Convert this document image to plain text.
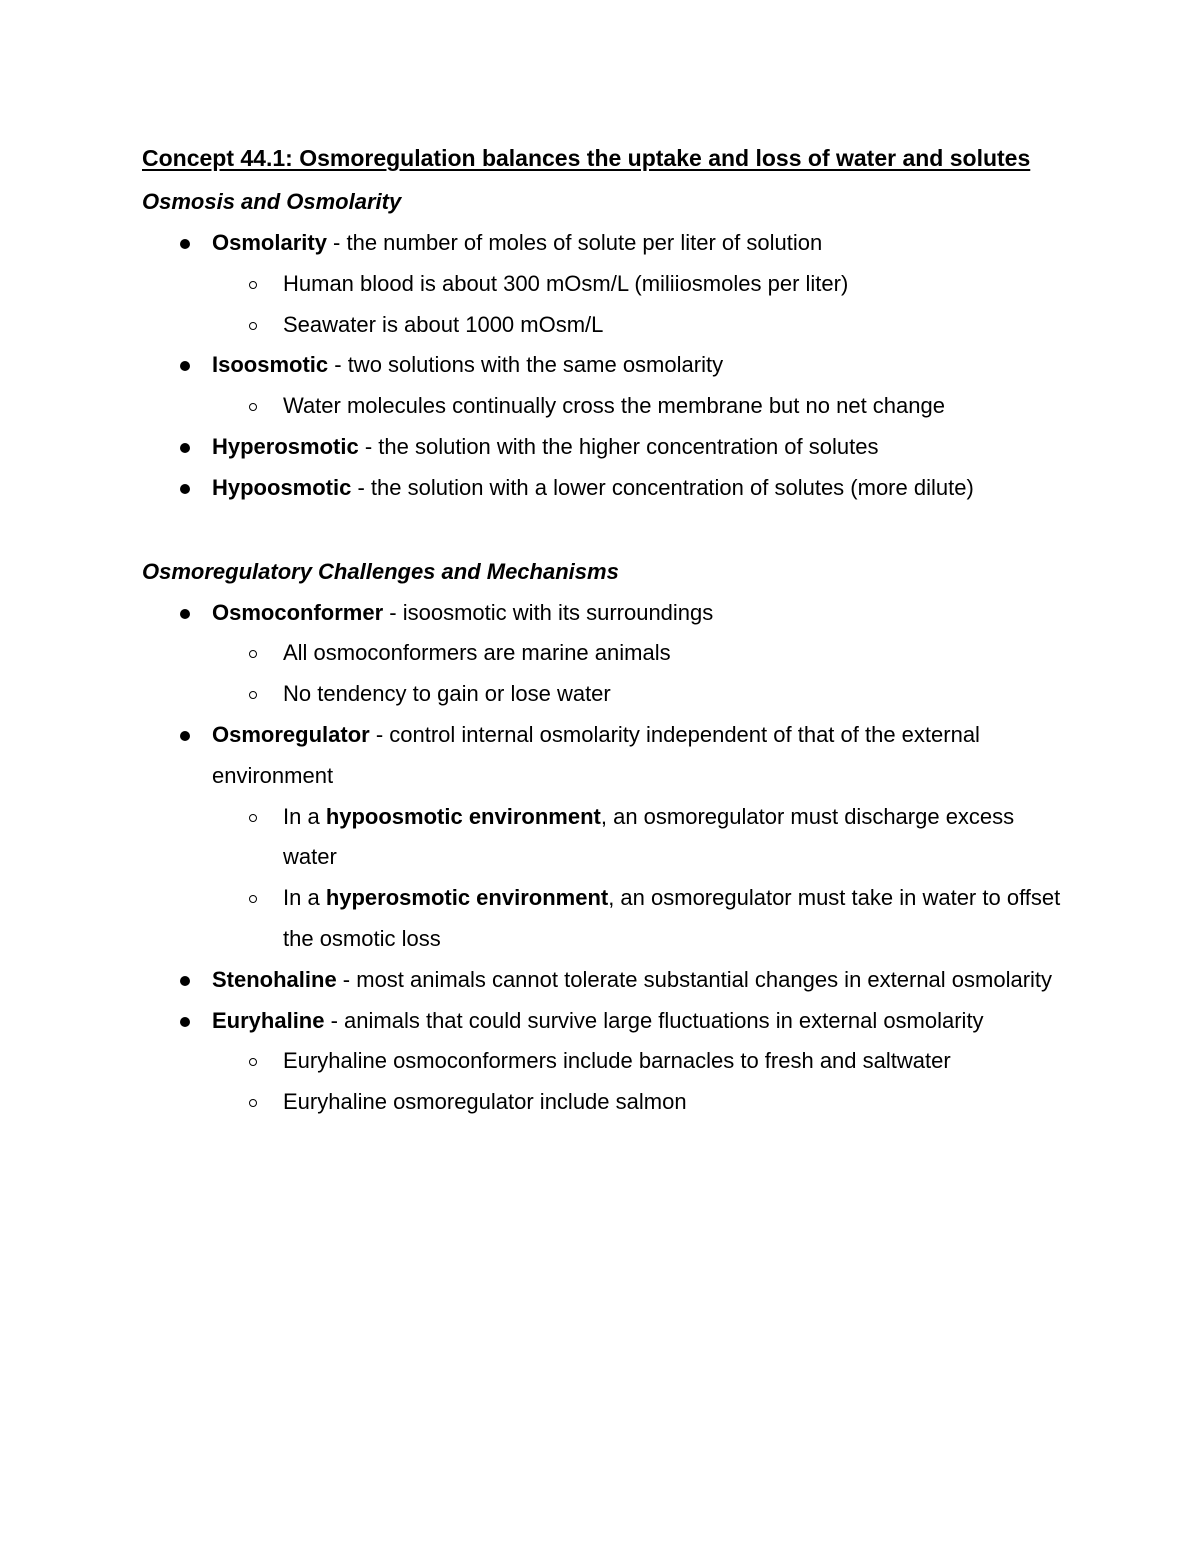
Concept 44.1: Osmoregulation balances the uptake and loss of water and solutes

Osmosis and Osmolarity

Osmolarity - the number of moles of solute per liter of solution
Human blood is about 300 mOsm/L (miliiosmoles per liter)
Seawater is about 1000 mOsm/L
Isoosmotic - two solutions with the same osmolarity
Water molecules continually cross the membrane but no net change
Hyperosmotic - the solution with the higher concentration of solutes
Hypoosmotic - the solution with a lower concentration of solutes (more dilute)

Osmoregulatory Challenges and Mechanisms

Osmoconformer - isoosmotic with its surroundings
All osmoconformers are marine animals
No tendency to gain or lose water
Osmoregulator - control internal osmolarity independent of that of the external environment
In a hypoosmotic environment, an osmoregulator must discharge excess water
In a hyperosmotic environment, an osmoregulator must take in water to offset the osmotic loss
Stenohaline - most animals cannot tolerate substantial changes in external osmolarity
Euryhaline - animals that could survive large fluctuations in external osmolarity
Euryhaline osmoconformers include barnacles to fresh and saltwater
Euryhaline osmoregulator include salmon
